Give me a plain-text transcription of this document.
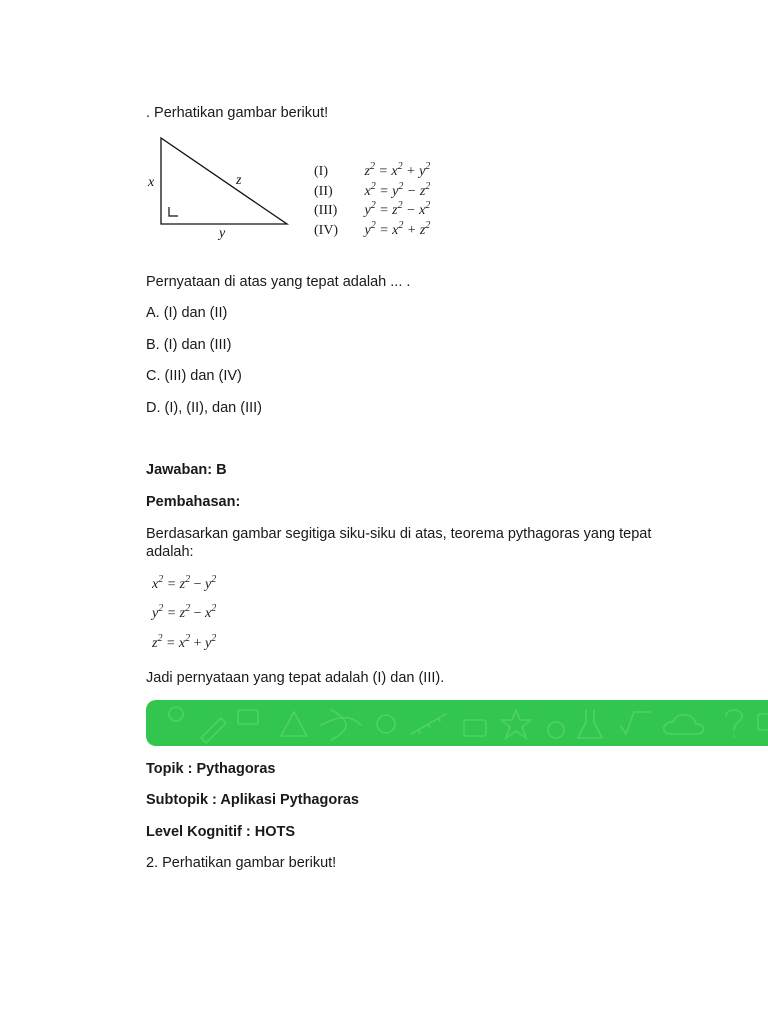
. Perhatikan gambar berikut!
x	z
y
(I)	$z^2 = x^2 + y^2$
(II) $x^2 = y^2 - z^2$
(III) $y^2 = z^2 - x^2$
(IV) $y^2 = x^2 + z^2$
Pernyataan di atas yang tepat adalah ... .
A. (I) dan (II)
B. (I) dan (III)
C. (III) dan (IV)
D. (I), (II), dan (III)
Jawaban: B
Pembahasan:
Berdasarkan gambar segitiga siku-siku di atas, teorema pythagoras yang tepat adalah:
$x^2 = z^2 - y^2$
$y^2 = z^2 - x^2$
$z^2 = x^2 + y^2$
Jadi pernyataan yang tepat adalah (I) dan (III).
Topik : Pythagoras
Subtopik : Aplikasi Pythagoras
Level Kognitif : HOTS
2. Perhatikan gambar berikut!
